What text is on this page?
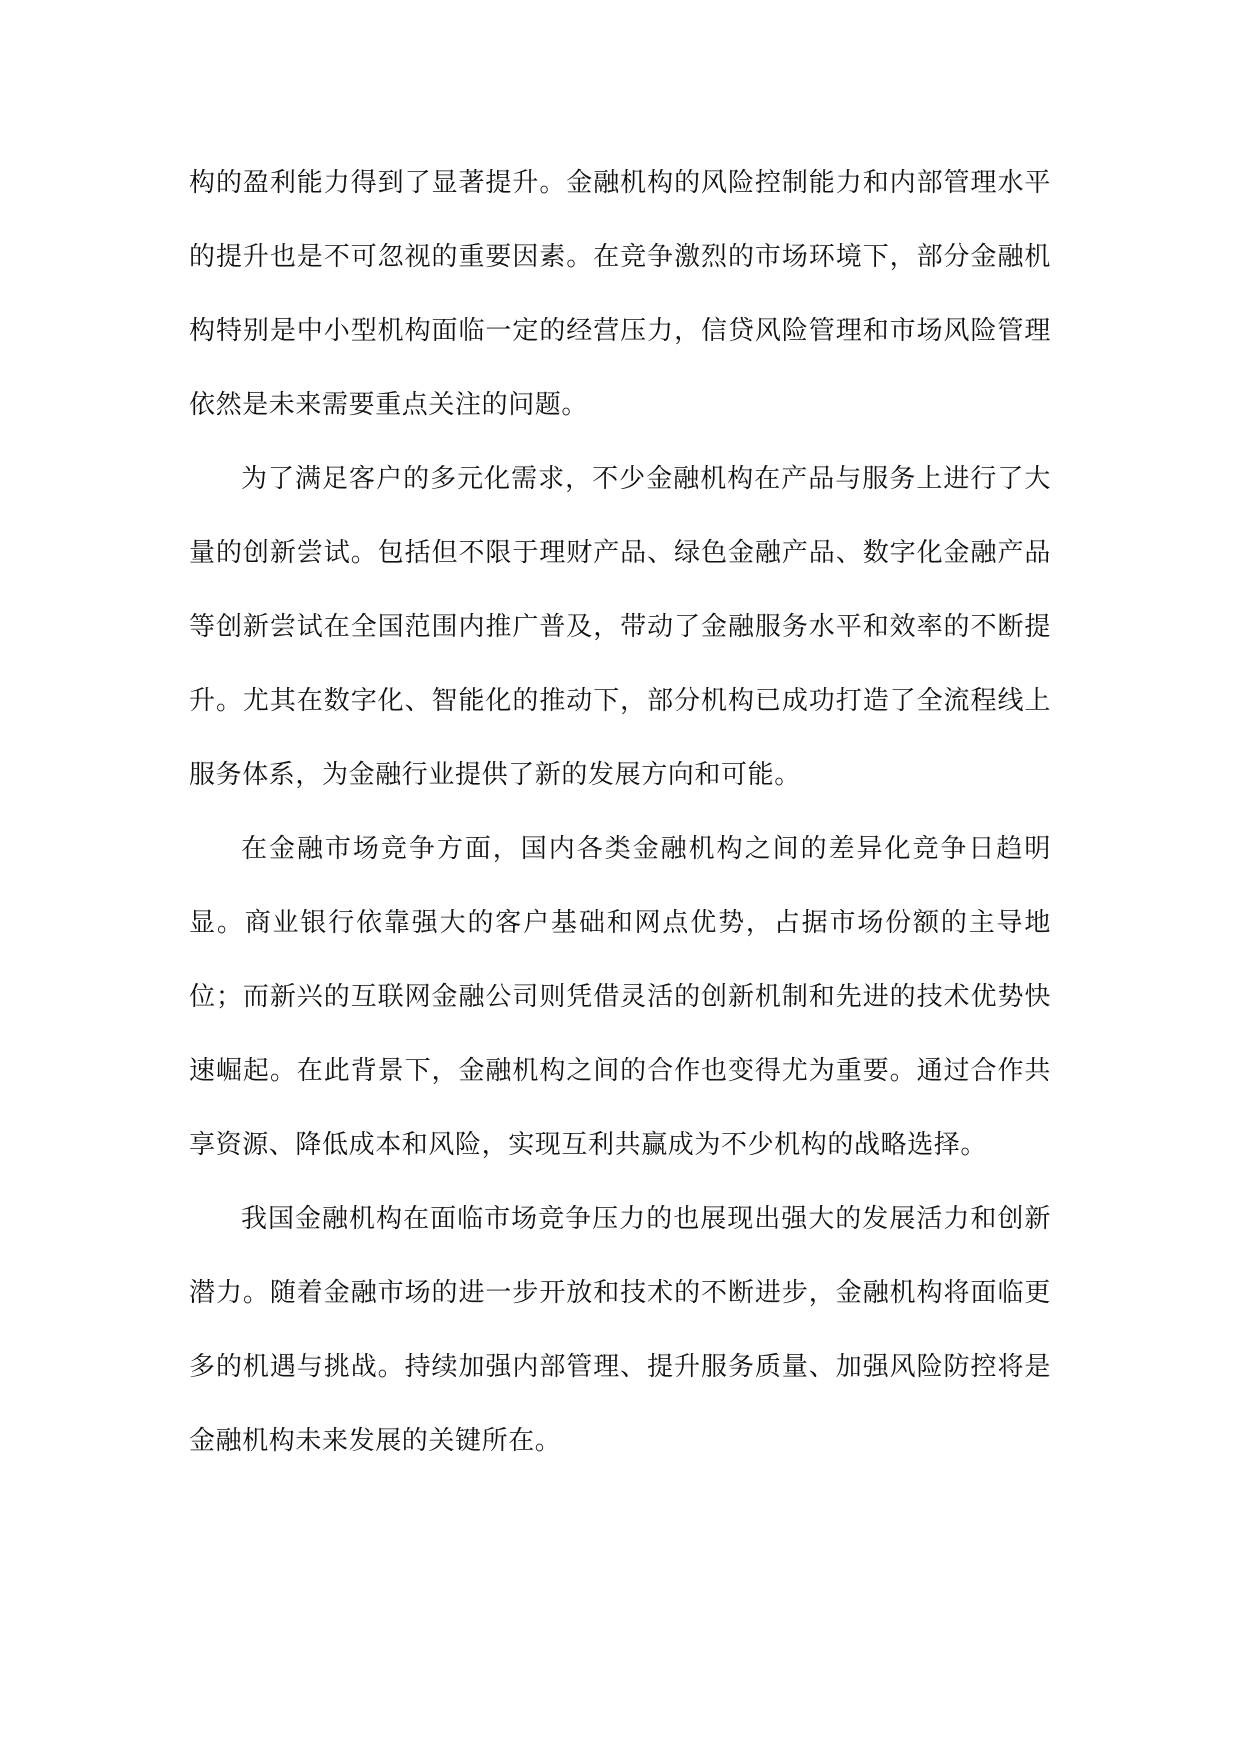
构的盈利能力得到了显著提升。金融机构的风险控制能力和内部管理水平的提升也是不可忽视的重要因素。在竞争激烈的市场环境下，部分金融机构特别是中小型机构面临一定的经营压力，信贷风险管理和市场风险管理依然是未来需要重点关注的问题。

为了满足客户的多元化需求，不少金融机构在产品与服务上进行了大量的创新尝试。包括但不限于理财产品、绿色金融产品、数字化金融产品等创新尝试在全国范围内推广普及，带动了金融服务水平和效率的不断提升。尤其在数字化、智能化的推动下，部分机构已成功打造了全流程线上服务体系，为金融行业提供了新的发展方向和可能。

在金融市场竞争方面，国内各类金融机构之间的差异化竞争日趋明显。商业银行依靠强大的客户基础和网点优势，占据市场份额的主导地位；而新兴的互联网金融公司则凭借灵活的创新机制和先进的技术优势快速崛起。在此背景下，金融机构之间的合作也变得尤为重要。通过合作共享资源、降低成本和风险，实现互利共赢成为不少机构的战略选择。

我国金融机构在面临市场竞争压力的也展现出强大的发展活力和创新潜力。随着金融市场的进一步开放和技术的不断进步，金融机构将面临更多的机遇与挑战。持续加强内部管理、提升服务质量、加强风险防控将是金融机构未来发展的关键所在。
